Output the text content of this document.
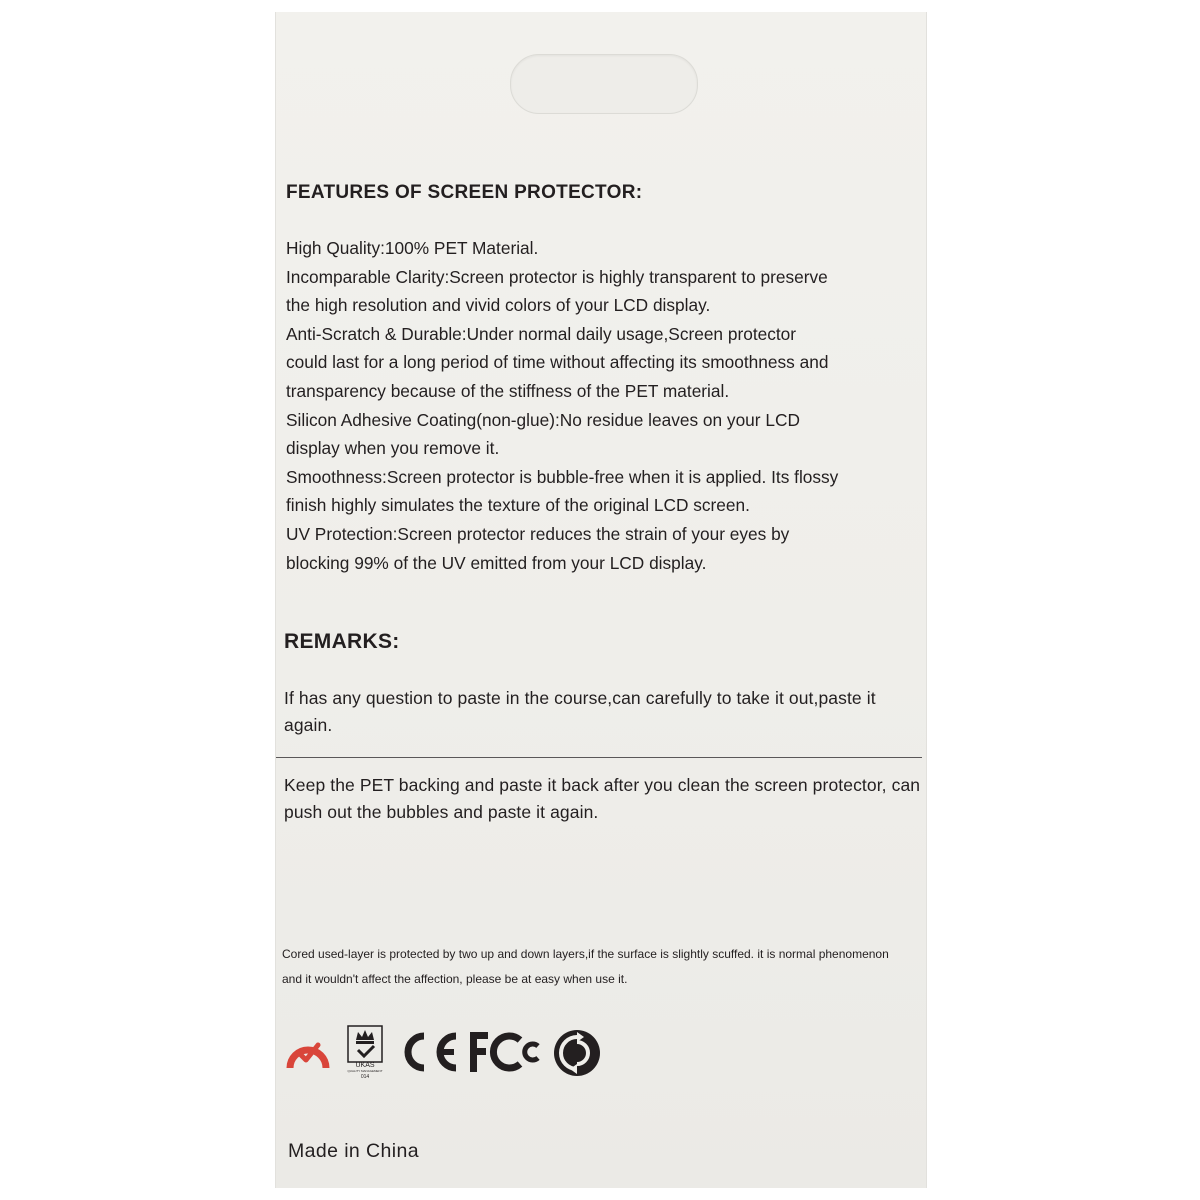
FEATURES OF SCREEN PROTECTOR:
High Quality:100% PET Material.
Incomparable Clarity:Screen protector is highly transparent to preserve
the high resolution and vivid colors of your LCD display.
Anti-Scratch & Durable:Under normal daily usage,Screen protector
could last for a long period of time without affecting its smoothness and
transparency because of the stiffness of the PET material.
Silicon Adhesive Coating(non-glue):No residue leaves on your LCD
display when you remove it.
Smoothness:Screen protector is bubble-free when it is applied. Its flossy
finish highly simulates the texture of the original LCD screen.
UV Protection:Screen protector reduces the strain of your eyes by
blocking 99% of the UV emitted from your LCD display.
REMARKS:

If has any question to paste in the course,can carefully to take it out,paste it again.

Keep the PET backing and paste it back after you clean the screen protector, can push out the bubbles and paste it again.

Cored used-layer is protected by two up and down layers,if the surface is slightly scuffed. it is normal phenomenon and it wouldn't affect the affection, please be at easy when use it.

UKAS
QUALITY MANAGEMENT
014

Made in China
